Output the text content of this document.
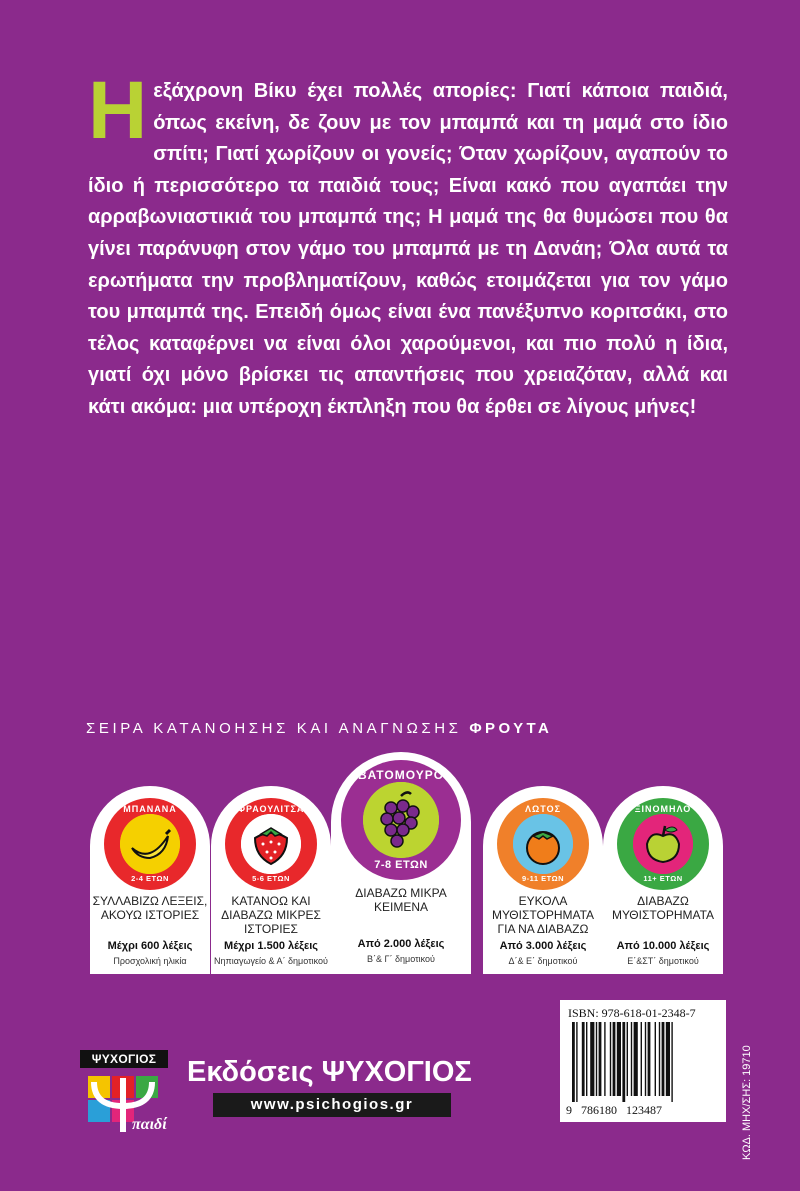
Ηεξάχρονη Βίκυ έχει πολλές απορίες: Γιατί κάποια παιδιά, όπως εκείνη, δε ζουν με τον μπαμπά και τη μαμά στο ίδιο σπίτι; Γιατί χωρίζουν οι γονείς; Όταν χωρίζουν, αγαπούν το ίδιο ή περισσότερο τα παιδιά τους; Είναι κακό που αγαπάει την αρραβωνιαστικιά του μπαμπά της; Η μαμά της θα θυμώσει που θα γίνει παράνυφη στον γάμο του μπαμπά με τη Δανάη; Όλα αυτά τα ερωτήματα την προβληματίζουν, καθώς ετοιμάζεται για τον γάμο του μπαμπά της. Επειδή όμως είναι ένα πανέξυπνο κοριτσάκι, στο τέλος καταφέρνει να είναι όλοι χαρούμενοι, και πιο πολύ η ίδια, γιατί όχι μόνο βρίσκει τις απαντήσεις που χρειαζόταν, αλλά και κάτι ακόμα: μια υπέροχη έκπληξη που θα έρθει σε λίγους μήνες!

ΣΕΙΡΑ ΚΑΤΑΝΟΗΣΗΣ ΚΑΙ ΑΝΑΓΝΩΣΗΣ ΦΡΟΥΤΑ
ΜΠΑΝΑΝΑ
2-4 ΕΤΩΝ
ΣΥΛΛΑΒΙΖΩ ΛΕΞΕΙΣ, ΑΚΟΥΩ ΙΣΤΟΡΙΕΣ
Μέχρι 600 λέξεις
Προσχολική ηλικία
ΦΡΑΟΥΛΙΤΣΑ
5-6 ΕΤΩΝ
ΚΑΤΑΝΟΩ ΚΑΙ ΔΙΑΒΑΖΩ ΜΙΚΡΕΣ ΙΣΤΟΡΙΕΣ
Μέχρι 1.500 λέξεις
Νηπιαγωγείο & Α΄ δημοτικού
ΒΑΤΟΜΟΥΡΟ
7-8 ΕΤΩΝ
ΔΙΑΒΑΖΩ ΜΙΚΡΑ ΚΕΙΜΕΝΑ
Από 2.000 λέξεις
Β΄& Γ΄ δημοτικού
ΛΩΤΟΣ
9-11 ΕΤΩΝ
ΕΥΚΟΛΑ ΜΥΘΙΣΤΟΡΗΜΑΤΑ ΓΙΑ ΝΑ ΔΙΑΒΑΖΩ
Από 3.000 λέξεις
Δ΄& Ε΄ δημοτικού
ΞΙΝΟΜΗΛΟ
11+ ΕΤΩΝ
ΔΙΑΒΑΖΩ ΜΥΘΙΣΤΟΡΗΜΑΤΑ
Από 10.000 λέξεις
Ε΄&ΣΤ΄ δημοτικού
ISBN: 978-618-01-2348-7
9   786180   123487	ΚΩΔ. ΜΗΧ/ΣΗΣ: 19710
ΨΥΧΟΓΙΟΣ
παιδί
Εκδόσεις ΨΥΧΟΓΙΟΣ
www.psichogios.gr
